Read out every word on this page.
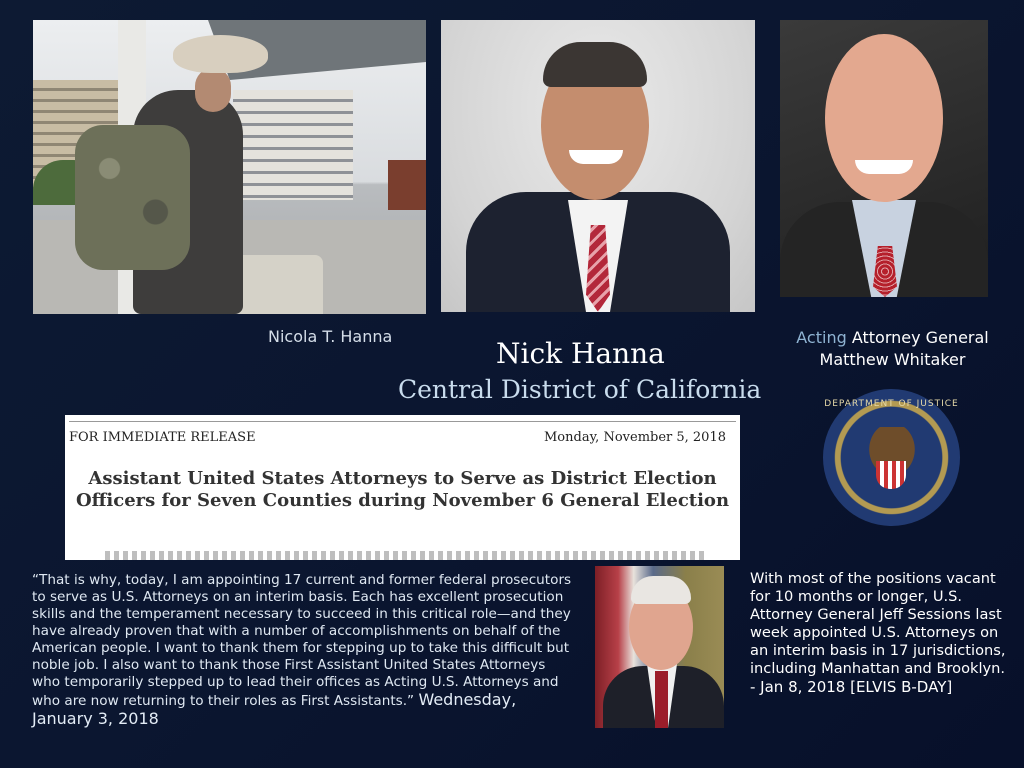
Nicola T. Hanna
Nick Hanna
Central District of California
Acting Attorney General
Matthew Whitaker
FOR IMMEDIATE RELEASE	Monday, November 5, 2018
Assistant United States Attorneys to Serve as District Election Officers for Seven Counties during November 6 General Election
DEPARTMENT OF JUSTICE
“That is why, today, I am appointing 17 current and former federal prosecutors to serve as U.S. Attorneys on an interim basis. Each has excellent prosecution skills and the temperament necessary to succeed in this critical role—and they have already proven that with a number of accomplishments on behalf of the American people. I want to thank them for stepping up to take this difficult but noble job. I also want to thank those First Assistant United States Attorneys who temporarily stepped up to lead their offices as Acting U.S. Attorneys and who are now returning to their roles as First Assistants.” Wednesday, January 3, 2018
With most of the positions vacant for 10 months or longer, U.S. Attorney General Jeff Sessions last week appointed U.S. Attorneys on an interim basis in 17 jurisdictions, including Manhattan and Brooklyn.
- Jan 8, 2018 [ELVIS B-DAY]
